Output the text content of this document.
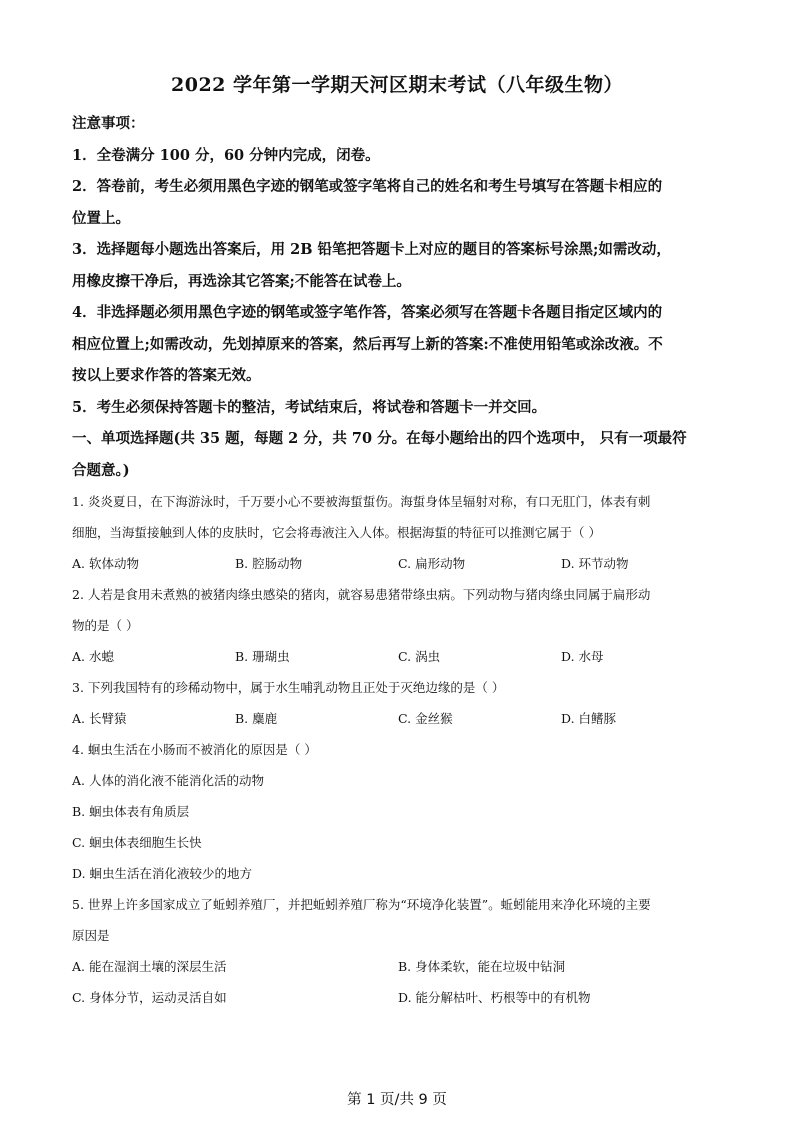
2022 学年第一学期天河区期末考试（八年级生物）
注意事项：
1．全卷满分 100 分，60 分钟内完成，闭卷。
2．答卷前，考生必须用黑色字迹的钢笔或签字笔将自己的姓名和考生号填写在答题卡相应的
位置上。
3．选择题每小题选出答案后，用 2B 铅笔把答题卡上对应的题目的答案标号涂黑;如需改动，
用橡皮擦干净后，再选涂其它答案;不能答在试卷上。
4．非选择题必须用黑色字迹的钢笔或签字笔作答，答案必须写在答题卡各题目指定区域内的
相应位置上;如需改动，先划掉原来的答案，然后再写上新的答案:不准使用铅笔或涂改液。不
按以上要求作答的答案无效。
5．考生必须保持答题卡的整洁，考试结束后，将试卷和答题卡一并交回。
一、单项选择题(共 35 题，每题 2 分，共 70 分。在每小题给出的四个选项中， 只有一项最符
合题意。)
1. 炎炎夏日，在下海游泳时，千万要小心不要被海蜇蜇伤。海蜇身体呈辐射对称，有口无肛门，体表有刺
细胞，当海蜇接触到人体的皮肤时，它会将毒液注入人体。根据海蜇的特征可以推测它属于（ ）
A. 软体动物	B. 腔肠动物	C. 扁形动物	D. 环节动物
2. 人若是食用未煮熟的被猪肉绦虫感染的猪肉，就容易患猪带绦虫病。下列动物与猪肉绦虫同属于扁形动
物的是（ ）
A. 水螅	B. 珊瑚虫	C. 涡虫	D. 水母
3. 下列我国特有的珍稀动物中，属于水生哺乳动物且正处于灭绝边缘的是（ ）
A. 长臂猿	B. 麋鹿	C. 金丝猴	D. 白鳍豚
4. 蛔虫生活在小肠而不被消化的原因是（ ）
A. 人体的消化液不能消化活的动物
B. 蛔虫体表有角质层
C. 蛔虫体表细胞生长快
D. 蛔虫生活在消化液较少的地方
5. 世界上许多国家成立了蚯蚓养殖厂，并把蚯蚓养殖厂称为“环境净化装置”。蚯蚓能用来净化环境的主要
原因是
A. 能在湿润土壤的深层生活	B. 身体柔软，能在垃圾中钻洞
C. 身体分节，运动灵活自如	D. 能分解枯叶、朽根等中的有机物
第 1 页/共 9 页
